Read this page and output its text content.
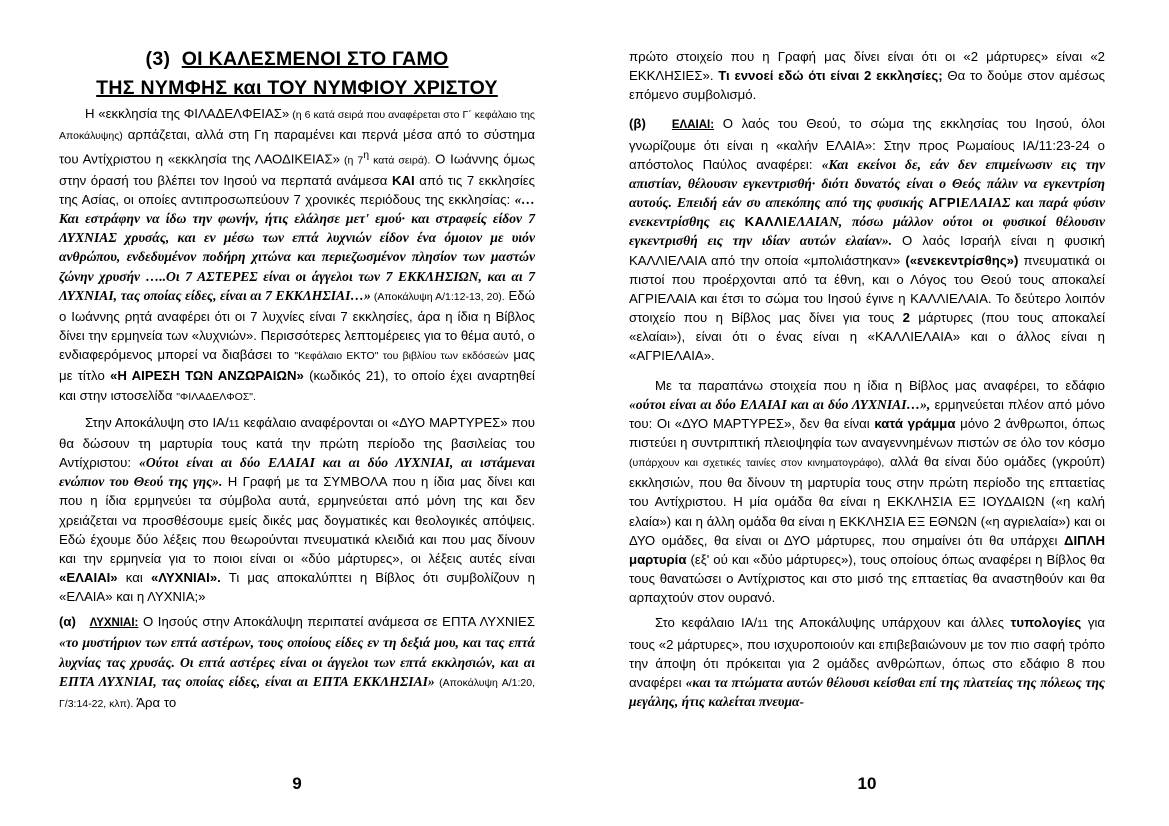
(3) ΟΙ ΚΑΛΕΣΜΕΝΟΙ ΣΤΟ ΓΑΜΟ
ΤΗΣ ΝΥΜΦΗΣ και ΤΟΥ ΝΥΜΦΙΟΥ ΧΡΙΣΤΟΥ

Η «εκκλησία της ΦΙΛΑΔΕΛΦΕΙΑΣ» (η 6 κατά σειρά που αναφέρεται στο Γ΄ κεφάλαιο της Αποκάλυψης) αρπάζεται, αλλά στη Γη παραμένει και περνά μέσα από το σύστημα του Αντίχριστου η «εκκλησία της ΛΑΟΔΙΚΕΙΑΣ» (η $7^\eta$ κατά σειρά). Ο Ιωάννης όμως στην όρασή του βλέπει τον Ιησού να περπατά ανάμεσα ΚΑΙ από τις 7 εκκλησίες της Ασίας, οι οποίες αντιπροσωπεύουν 7 χρονικές περιόδους της εκκλησίας: «…Και εστράφην να ίδω την φωνήν, ήτις ελάλησε μετ' εμού· και στραφείς είδον 7 ΛΥΧΝΙΑΣ χρυσάς, και εν μέσω των επτά λυχνιών είδον ένα όμοιον με υιόν ανθρώπου, ενδεδυμένον ποδήρη χιτώνα και περιεζωσμένον πλησίον των μαστών ζώνην χρυσήν …..Οι 7 ΑΣΤΕΡΕΣ είναι οι άγγελοι των 7 ΕΚΚΛΗΣΙΩΝ, και αι 7 ΛΥΧΝΙΑΙ, τας οποίας είδες, είναι αι 7 ΕΚΚΛΗΣΙΑΙ…» (Αποκάλυψη Α/1:12-13, 20). Εδώ ο Ιωάννης ρητά αναφέρει ότι οι 7 λυχνίες είναι 7 εκκλησίες, άρα η ίδια η Βίβλος δίνει την ερμηνεία των «λυχνιών». Περισσότερες λεπτομέρειες για το θέμα αυτό, ο ενδιαφερόμενος μπορεί να διαβάσει το "Κεφάλαιο ΕΚΤΟ" του βιβλίου των εκδόσεών μας με τίτλο «Η ΑΙΡΕΣΗ ΤΩΝ ΑΝΖΩΡΑΙΩΝ» (κωδικός 21), το οποίο έχει αναρτηθεί και στην ιστοσελίδα "ΦΙΛΑΔΕΛΦΟΣ".

Στην Αποκάλυψη στο ΙΑ/11 κεφάλαιο αναφέρονται οι «ΔΥΟ ΜΑΡΤΥΡΕΣ» που θα δώσουν τη μαρτυρία τους κατά την πρώτη περίοδο της βασιλείας του Αντίχριστου: «Ούτοι είναι αι δύο ΕΛΑΙΑΙ και αι δύο ΛΥΧΝΙΑΙ, αι ιστάμεναι ενώπιον του Θεού της γης». Η Γραφή με τα ΣΥΜΒΟΛΑ που η ίδια μας δίνει και που η ίδια ερμηνεύει τα σύμβολα αυτά, ερμηνεύεται από μόνη της και δεν χρειάζεται να προσθέσουμε εμείς δικές μας δογματικές και θεολογικές απόψεις. Εδώ έχουμε δύο λέξεις που θεωρούνται πνευματικά κλειδιά και που μας δίνουν και την ερμηνεία για το ποιοι είναι οι «δύο μάρτυρες», οι λέξεις αυτές είναι «ΕΛΑΙΑΙ» και «ΛΥΧΝΙΑΙ». Τι μας αποκαλύπτει η Βίβλος ότι συμβολίζουν η «ΕΛΑΙΑ» και η ΛΥΧΝΙΑ;»

(α) ΛΥΧΝΙΑΙ: Ο Ιησούς στην Αποκάλυψη περιπατεί ανάμεσα σε ΕΠΤΑ ΛΥΧΝΙΕΣ «το μυστήριον των επτά αστέρων, τους οποίους είδες εν τη δεξιά μου, και τας επτά λυχνίας τας χρυσάς. Οι επτά αστέρες είναι οι άγγελοι των επτά εκκλησιών, και αι ΕΠΤΑ ΛΥΧΝΙΑΙ, τας οποίας είδες, είναι αι ΕΠΤΑ ΕΚΚΛΗΣΙΑΙ» (Αποκάλυψη Α/1:20, Γ/3:14-22, κλπ). Άρα το

9

πρώτο στοιχείο που η Γραφή μας δίνει είναι ότι οι «2 μάρτυρες» είναι «2 ΕΚΚΛΗΣΙΕΣ». Τι εννοεί εδώ ότι είναι 2 εκκλησίες; Θα το δούμε στον αμέσως επόμενο συμβολισμό.

(β) ΕΛΑΙΑΙ: Ο λαός του Θεού, το σώμα της εκκλησίας του Ιησού, όλοι γνωρίζουμε ότι είναι η «καλήν ΕΛΑΙΑ»: Στην προς Ρωμαίους ΙΑ/11:23-24 ο απόστολος Παύλος αναφέρει: «Και εκείνοι δε, εάν δεν επιμείνωσιν εις την απιστίαν, θέλουσιν εγκεντρισθή· διότι δυνατός είναι ο Θεός πάλιν να εγκεντρίση αυτούς. Επειδή εάν συ απεκόπης από της φυσικής ΑΓΡΙΕΛΑΙΑΣ και παρά φύσιν ενεκεντρίσθης εις ΚΑΛΛΙΕΛΑΙΑΝ, πόσω μάλλον ούτοι οι φυσικοί θέλουσιν εγκεντρισθή εις την ιδίαν αυτών ελαίαν». Ο λαός Ισραήλ είναι η φυσική ΚΑΛΛΙΕΛΑΙΑ από την οποία «μπολιάστηκαν» («ενεκεντρίσθης») πνευματικά οι πιστοί που προέρχονται από τα έθνη, και ο Λόγος του Θεού τους αποκαλεί ΑΓΡΙΕΛΑΙΑ και έτσι το σώμα του Ιησού έγινε η ΚΑΛΛΙΕΛΑΙΑ. Το δεύτερο λοιπόν στοιχείο που η Βίβλος μας δίνει για τους 2 μάρτυρες (που τους αποκαλεί «ελαίαι»), είναι ότι ο ένας είναι η «ΚΑΛΛΙΕΛΑΙΑ» και ο άλλος είναι η «ΑΓΡΙΕΛΑΙΑ».

Με τα παραπάνω στοιχεία που η ίδια η Βίβλος μας αναφέρει, το εδάφιο «ούτοι είναι αι δύο ΕΛΑΙΑΙ και αι δύο ΛΥΧΝΙΑΙ…», ερμηνεύεται πλέον από μόνο του: Οι «ΔΥΟ ΜΑΡΤΥΡΕΣ», δεν θα είναι κατά γράμμα μόνο 2 άνθρωποι, όπως πιστεύει η συντριπτική πλειοψηφία των αναγεννημένων πιστών σε όλο τον κόσμο (υπάρχουν και σχετικές ταινίες στον κινηματογράφο), αλλά θα είναι δύο ομάδες (γκρούπ) εκκλησιών, που θα δίνουν τη μαρτυρία τους στην πρώτη περίοδο της επταετίας του Αντίχριστου. Η μία ομάδα θα είναι η ΕΚΚΛΗΣΙΑ ΕΞ ΙΟΥΔΑΙΩΝ («η καλή ελαία») και η άλλη ομάδα θα είναι η ΕΚΚΛΗΣΙΑ ΕΞ ΕΘΝΩΝ («η αγριελαία») και οι ΔΥΟ ομάδες, θα είναι οι ΔΥΟ μάρτυρες, που σημαίνει ότι θα υπάρχει ΔΙΠΛΗ μαρτυρία (εξ' ού και «δύο μάρτυρες»), τους οποίους όπως αναφέρει η Βίβλος θα τους θανατώσει ο Αντίχριστος και στο μισό της επταετίας θα αναστηθούν και θα αρπαχτούν στον ουρανό.

Στο κεφάλαιο ΙΑ/11 της Αποκάλυψης υπάρχουν και άλλες τυπολογίες για τους «2 μάρτυρες», που ισχυροποιούν και επιβεβαιώνουν με τον πιο σαφή τρόπο την άποψη ότι πρόκειται για 2 ομάδες ανθρώπων, όπως στο εδάφιο 8 που αναφέρει «και τα πτώματα αυτών θέλουσι κείσθαι επί της πλατείας της πόλεως της μεγάλης, ήτις καλείται πνευμα-

10
